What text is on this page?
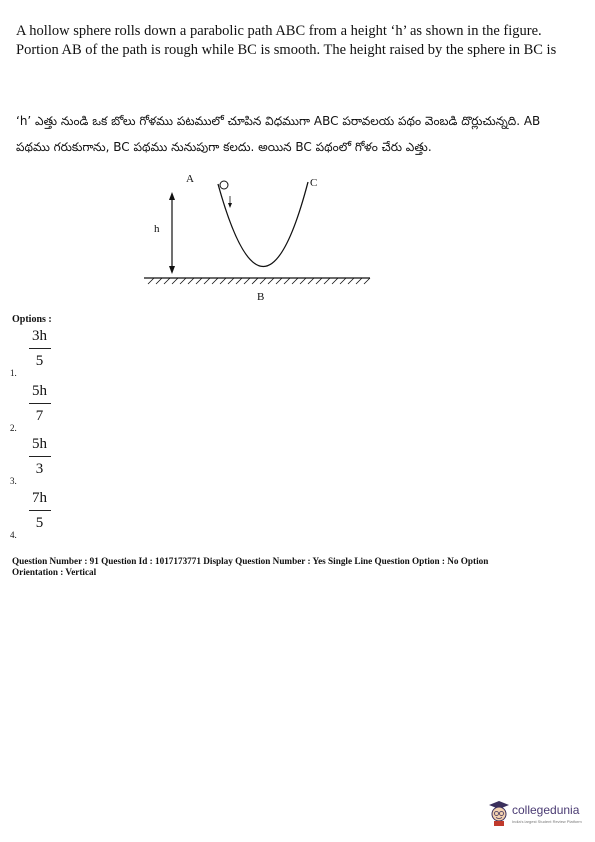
A hollow sphere rolls down a parabolic path ABC from a height ‘h’ as shown in the figure. Portion AB of the path is rough while BC is smooth. The height raised by the sphere in BC is

‘h’ ఎత్తు నుండి ఒక బోలు గోళము పటములో చూపిన విధముగా ABC పరావలయ పథం వెంబడి దొర్లుచున్నది. AB పథము గరుకుగాను, BC పథము నునుపుగా కలదు. అయిన BC పథంలో గోళం చేరు ఎత్తు.

h
A	C
B
Options :
1.
3h
5
2.
5h
7
3.
5h
3
4.
7h
5
Question Number : 91 Question Id : 1017173771 Display Question Number : Yes Single Line Question Option : No Option
Orientation : Vertical
collegedunia
India's largest Student Review Platform
